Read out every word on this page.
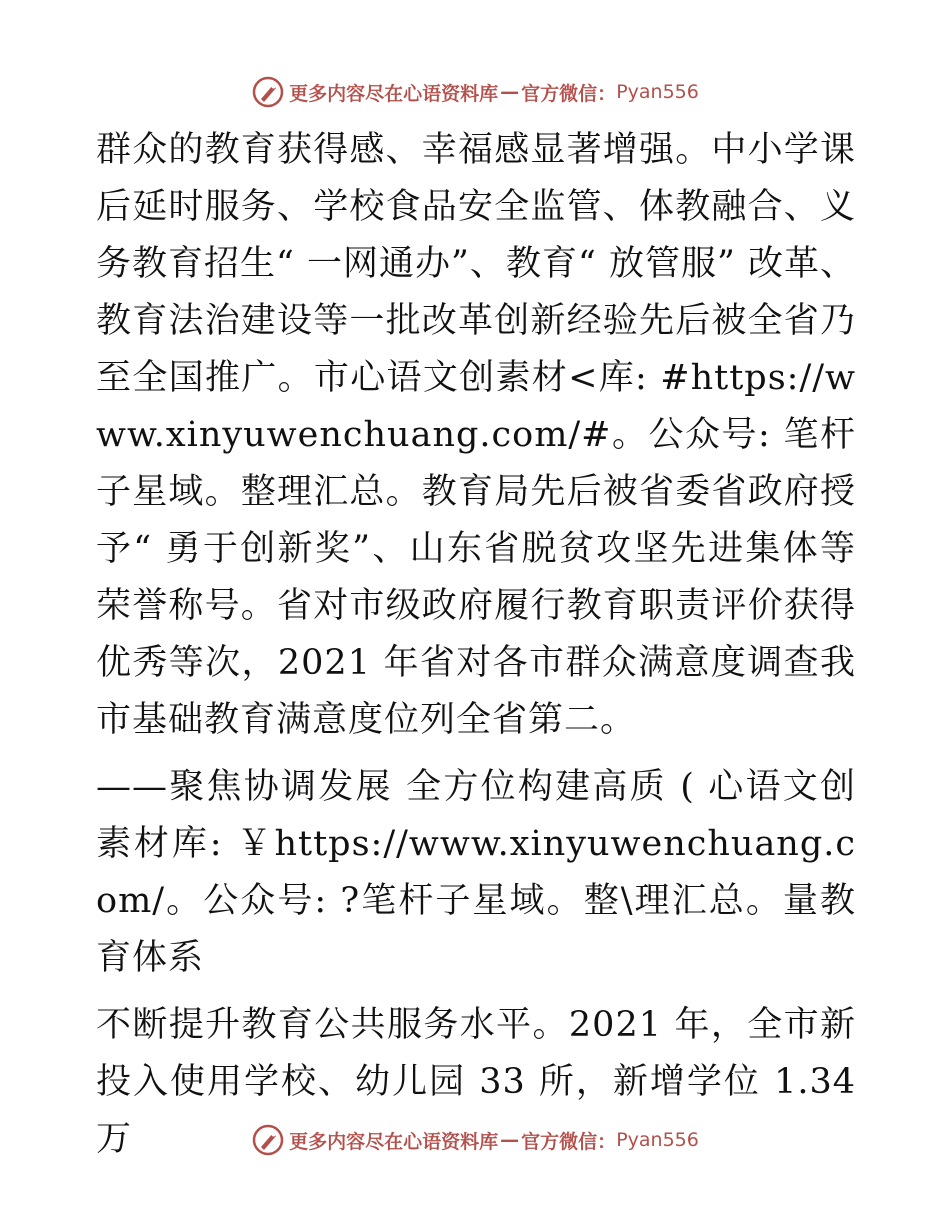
更多内容尽在心语资料库 — 官方微信： Pyan556

群众的教育获得感、幸福感显著增强。中小学课后延时服务、学校食品安全监管、体教融合、义务教育招生“ 一网通办”、教育“ 放管服” 改革、教育法治建设等一批改革创新经验先后被全省乃至全国推广。市心语文创素材<库: #https://www.xinyuwenchuang.com/#。公众号: 笔杆子星域。整理汇总。教育局先后被省委省政府授予“ 勇于创新奖”、山东省脱贫攻坚先进集体等荣誉称号。省对市级政府履行教育职责评价获得优秀等次，2021 年省对各市群众满意度调查我市基础教育满意度位列全省第二。

——聚焦协调发展 全方位构建高质 ( 心语文创素材库: ￥https://www.xinyuwenchuang.com/。公众号: ?笔杆子星域。整\理汇总。量教育体系

不断提升教育公共服务水平。2021 年，全市新投入使用学校、幼儿园 33 所，新增学位 1.34 万	更多内容尽在心语资料库 — 官方微信： Pyan556
